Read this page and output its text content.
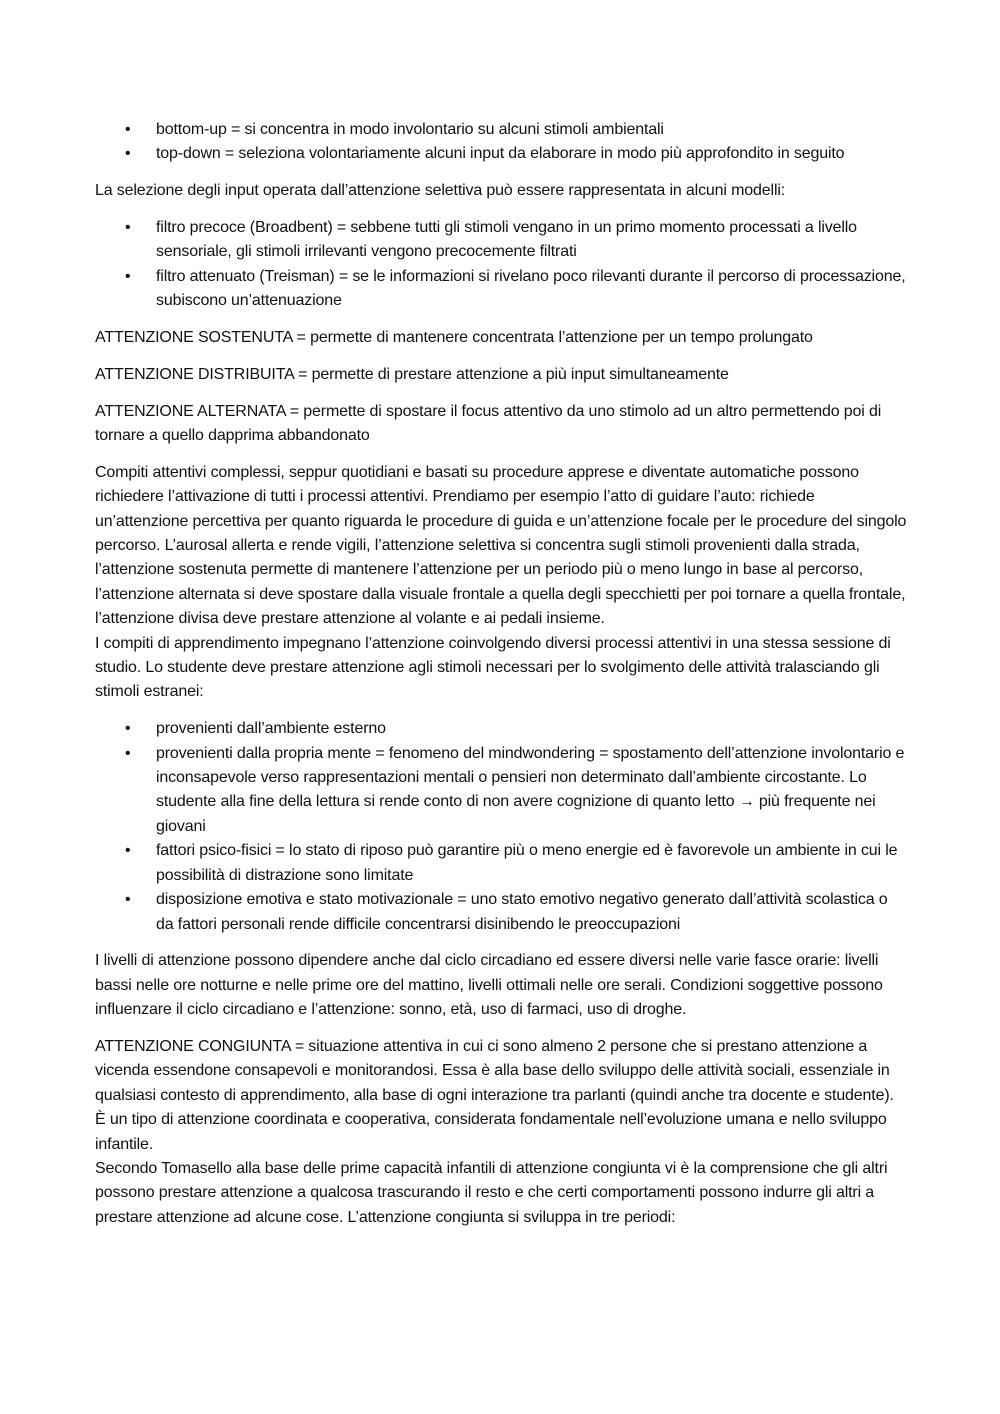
•	bottom-up = si concentra in modo involontario su alcuni stimoli ambientali
•	top-down = seleziona volontariamente alcuni input da elaborare in modo più approfondito in seguito

La selezione degli input operata dall’attenzione selettiva può essere rappresentata in alcuni modelli:

•	filtro precoce (Broadbent) = sebbene tutti gli stimoli vengano in un primo momento processati a livello sensoriale, gli stimoli irrilevanti vengono precocemente filtrati
•	filtro attenuato (Treisman) = se le informazioni si rivelano poco rilevanti durante il percorso di processazione, subiscono un’attenuazione

ATTENZIONE SOSTENUTA = permette di mantenere concentrata l’attenzione per un tempo prolungato

ATTENZIONE DISTRIBUITA = permette di prestare attenzione a più input simultaneamente

ATTENZIONE ALTERNATA = permette di spostare il focus attentivo da uno stimolo ad un altro permettendo poi di tornare a quello dapprima abbandonato

Compiti attentivi complessi, seppur quotidiani e basati su procedure apprese e diventate automatiche possono richiedere l’attivazione di tutti i processi attentivi. Prendiamo per esempio l’atto di guidare l’auto: richiede un’attenzione percettiva per quanto riguarda le procedure di guida e un’attenzione focale per le procedure del singolo percorso. L’aurosal allerta e rende vigili, l’attenzione selettiva si concentra sugli stimoli provenienti dalla strada, l’attenzione sostenuta permette di mantenere l’attenzione per un periodo più o meno lungo in base al percorso, l’attenzione alternata si deve spostare dalla visuale frontale a quella degli specchietti per poi tornare a quella frontale, l’attenzione divisa deve prestare attenzione al volante e ai pedali insieme.

I compiti di apprendimento impegnano l’attenzione coinvolgendo diversi processi attentivi in una stessa sessione di studio. Lo studente deve prestare attenzione agli stimoli necessari per lo svolgimento delle attività tralasciando gli stimoli estranei:

•	provenienti dall’ambiente esterno
•	provenienti dalla propria mente = fenomeno del mindwondering = spostamento dell’attenzione involontario e inconsapevole verso rappresentazioni mentali o pensieri non determinato dall’ambiente circostante. Lo studente alla fine della lettura si rende conto di non avere cognizione di quanto letto → più frequente nei giovani
•	fattori psico-fisici = lo stato di riposo può garantire più o meno energie ed è favorevole un ambiente in cui le possibilità di distrazione sono limitate
•	disposizione emotiva e stato motivazionale = uno stato emotivo negativo generato dall’attività scolastica o da fattori personali rende difficile concentrarsi disinibendo le preoccupazioni

I livelli di attenzione possono dipendere anche dal ciclo circadiano ed essere diversi nelle varie fasce orarie: livelli bassi nelle ore notturne e nelle prime ore del mattino, livelli ottimali nelle ore serali. Condizioni soggettive possono influenzare il ciclo circadiano e l’attenzione: sonno, età, uso di farmaci, uso di droghe.

ATTENZIONE CONGIUNTA = situazione attentiva in cui ci sono almeno 2 persone che si prestano attenzione a vicenda essendone consapevoli e monitorandosi. Essa è alla base dello sviluppo delle attività sociali, essenziale in qualsiasi contesto di apprendimento, alla base di ogni interazione tra parlanti (quindi anche tra docente e studente). È un tipo di attenzione coordinata e cooperativa, considerata fondamentale nell’evoluzione umana e nello sviluppo infantile.

Secondo Tomasello alla base delle prime capacità infantili di attenzione congiunta vi è la comprensione che gli altri possono prestare attenzione a qualcosa trascurando il resto e che certi comportamenti possono indurre gli altri a prestare attenzione ad alcune cose. L’attenzione congiunta si sviluppa in tre periodi:
